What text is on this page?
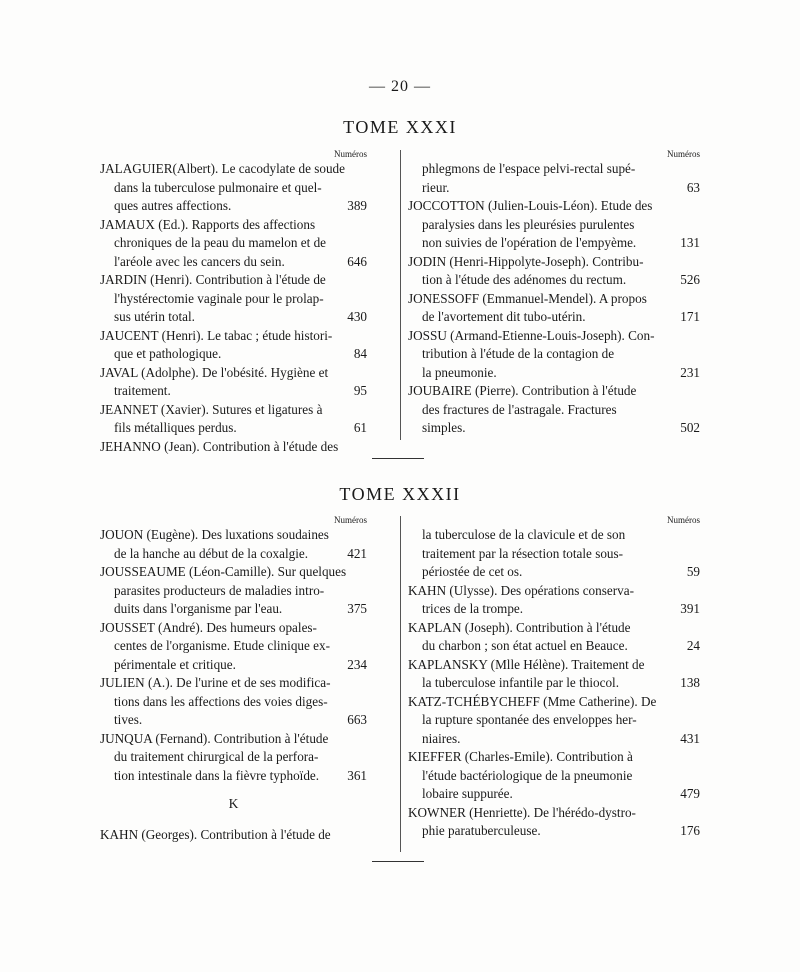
— 20 —
TOME XXXI
Numéros
JALAGUIER(Albert). Le cacodylate de soude
dans la tuberculose pulmonaire et quel-
ques autres affections.	389
JAMAUX (Ed.). Rapports des affections
chroniques de la peau du mamelon et de
l'aréole avec les cancers du sein.	646
JARDIN (Henri). Contribution à l'étude de
l'hystérectomie vaginale pour le prolap-
sus utérin total.	430
JAUCENT (Henri). Le tabac ; étude histori-
que et pathologique.	84
JAVAL (Adolphe). De l'obésité. Hygiène et
traitement.	95
JEANNET (Xavier). Sutures et ligatures à
fils métalliques perdus.	61
JEHANNO (Jean). Contribution à l'étude des
Numéros
phlegmons de l'espace pelvi-rectal supé-
rieur.	63
JOCCOTTON (Julien-Louis-Léon). Etude des
paralysies dans les pleurésies purulentes
non suivies de l'opération de l'empyème.	131
JODIN (Henri-Hippolyte-Joseph). Contribu-
tion à l'étude des adénomes du rectum.	526
JONESSOFF (Emmanuel-Mendel). A propos
de l'avortement dit tubo-utérin.	171
JOSSU (Armand-Etienne-Louis-Joseph). Con-
tribution à l'étude de la contagion de
la pneumonie.	231
JOUBAIRE (Pierre). Contribution à l'étude
des fractures de l'astragale. Fractures
simples.	502
TOME XXXII
Numéros
JOUON (Eugène). Des luxations soudaines
de la hanche au début de la coxalgie.	421
JOUSSEAUME (Léon-Camille). Sur quelques
parasites producteurs de maladies intro-
duits dans l'organisme par l'eau.	375
JOUSSET (André). Des humeurs opales-
centes de l'organisme. Etude clinique ex-
périmentale et critique.	234
JULIEN (A.). De l'urine et de ses modifica-
tions dans les affections des voies diges-
tives.	663
JUNQUA (Fernand). Contribution à l'étude
du traitement chirurgical de la perfora-
tion intestinale dans la fièvre typhoïde. 361
K
KAHN (Georges). Contribution à l'étude de
Numéros
la tuberculose de la clavicule et de son
traitement par la résection totale sous-
périostée de cet os.	59
KAHN (Ulysse). Des opérations conserva-
trices de la trompe.	391
KAPLAN (Joseph). Contribution à l'étude
du charbon ; son état actuel en Beauce.	24
KAPLANSKY (Mlle Hélène). Traitement de
la tuberculose infantile par le thiocol.	138
KATZ-TCHÉBYCHEFF (Mme Catherine). De
la rupture spontanée des enveloppes her-
niaires.	431
KIEFFER (Charles-Emile). Contribution à
l'étude bactériologique de la pneumonie
lobaire suppurée.	479
KOWNER (Henriette). De l'hérédo-dystro-
phie paratuberculeuse.	176
